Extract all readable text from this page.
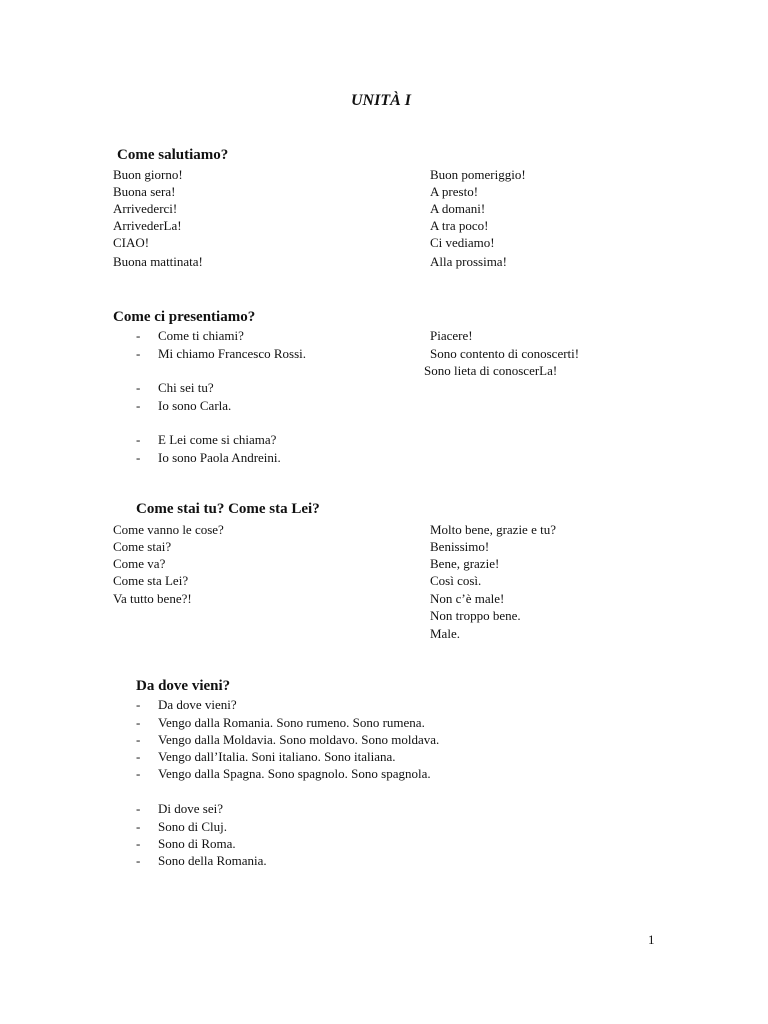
UNITÀ I
Come salutiamo?
Buon giorno!
Buona sera!
Arrivederci!
ArrivederLa!
CIAO!
Buona mattinata!
Buon pomeriggio!
A presto!
A domani!
A tra poco!
Ci vediamo!
Alla prossima!
Come ci presentiamo?
- Come ti chiami?
- Mi chiamo Francesco Rossi.
- Chi sei tu?
- Io sono Carla.
- E Lei come si chiama?
- Io sono Paola Andreini.
Piacere!
Sono contento di conoscerti!
Sono lieta di conoscerLa!
Come stai tu? Come sta Lei?
Come vanno le cose?
Come stai?
Come va?
Come sta Lei?
Va tutto bene?!
Molto bene, grazie e tu?
Benissimo!
Bene, grazie!
Così così.
Non c’è male!
Non troppo bene.
Male.
Da dove vieni?
- Da dove vieni?
- Vengo dalla Romania. Sono rumeno. Sono rumena.
- Vengo dalla Moldavia. Sono moldavo. Sono moldava.
- Vengo dall’Italia. Soni italiano. Sono italiana.
- Vengo dalla Spagna. Sono spagnolo. Sono spagnola.
- Di dove sei?
- Sono di Cluj.
- Sono di Roma.
- Sono della Romania.
1
